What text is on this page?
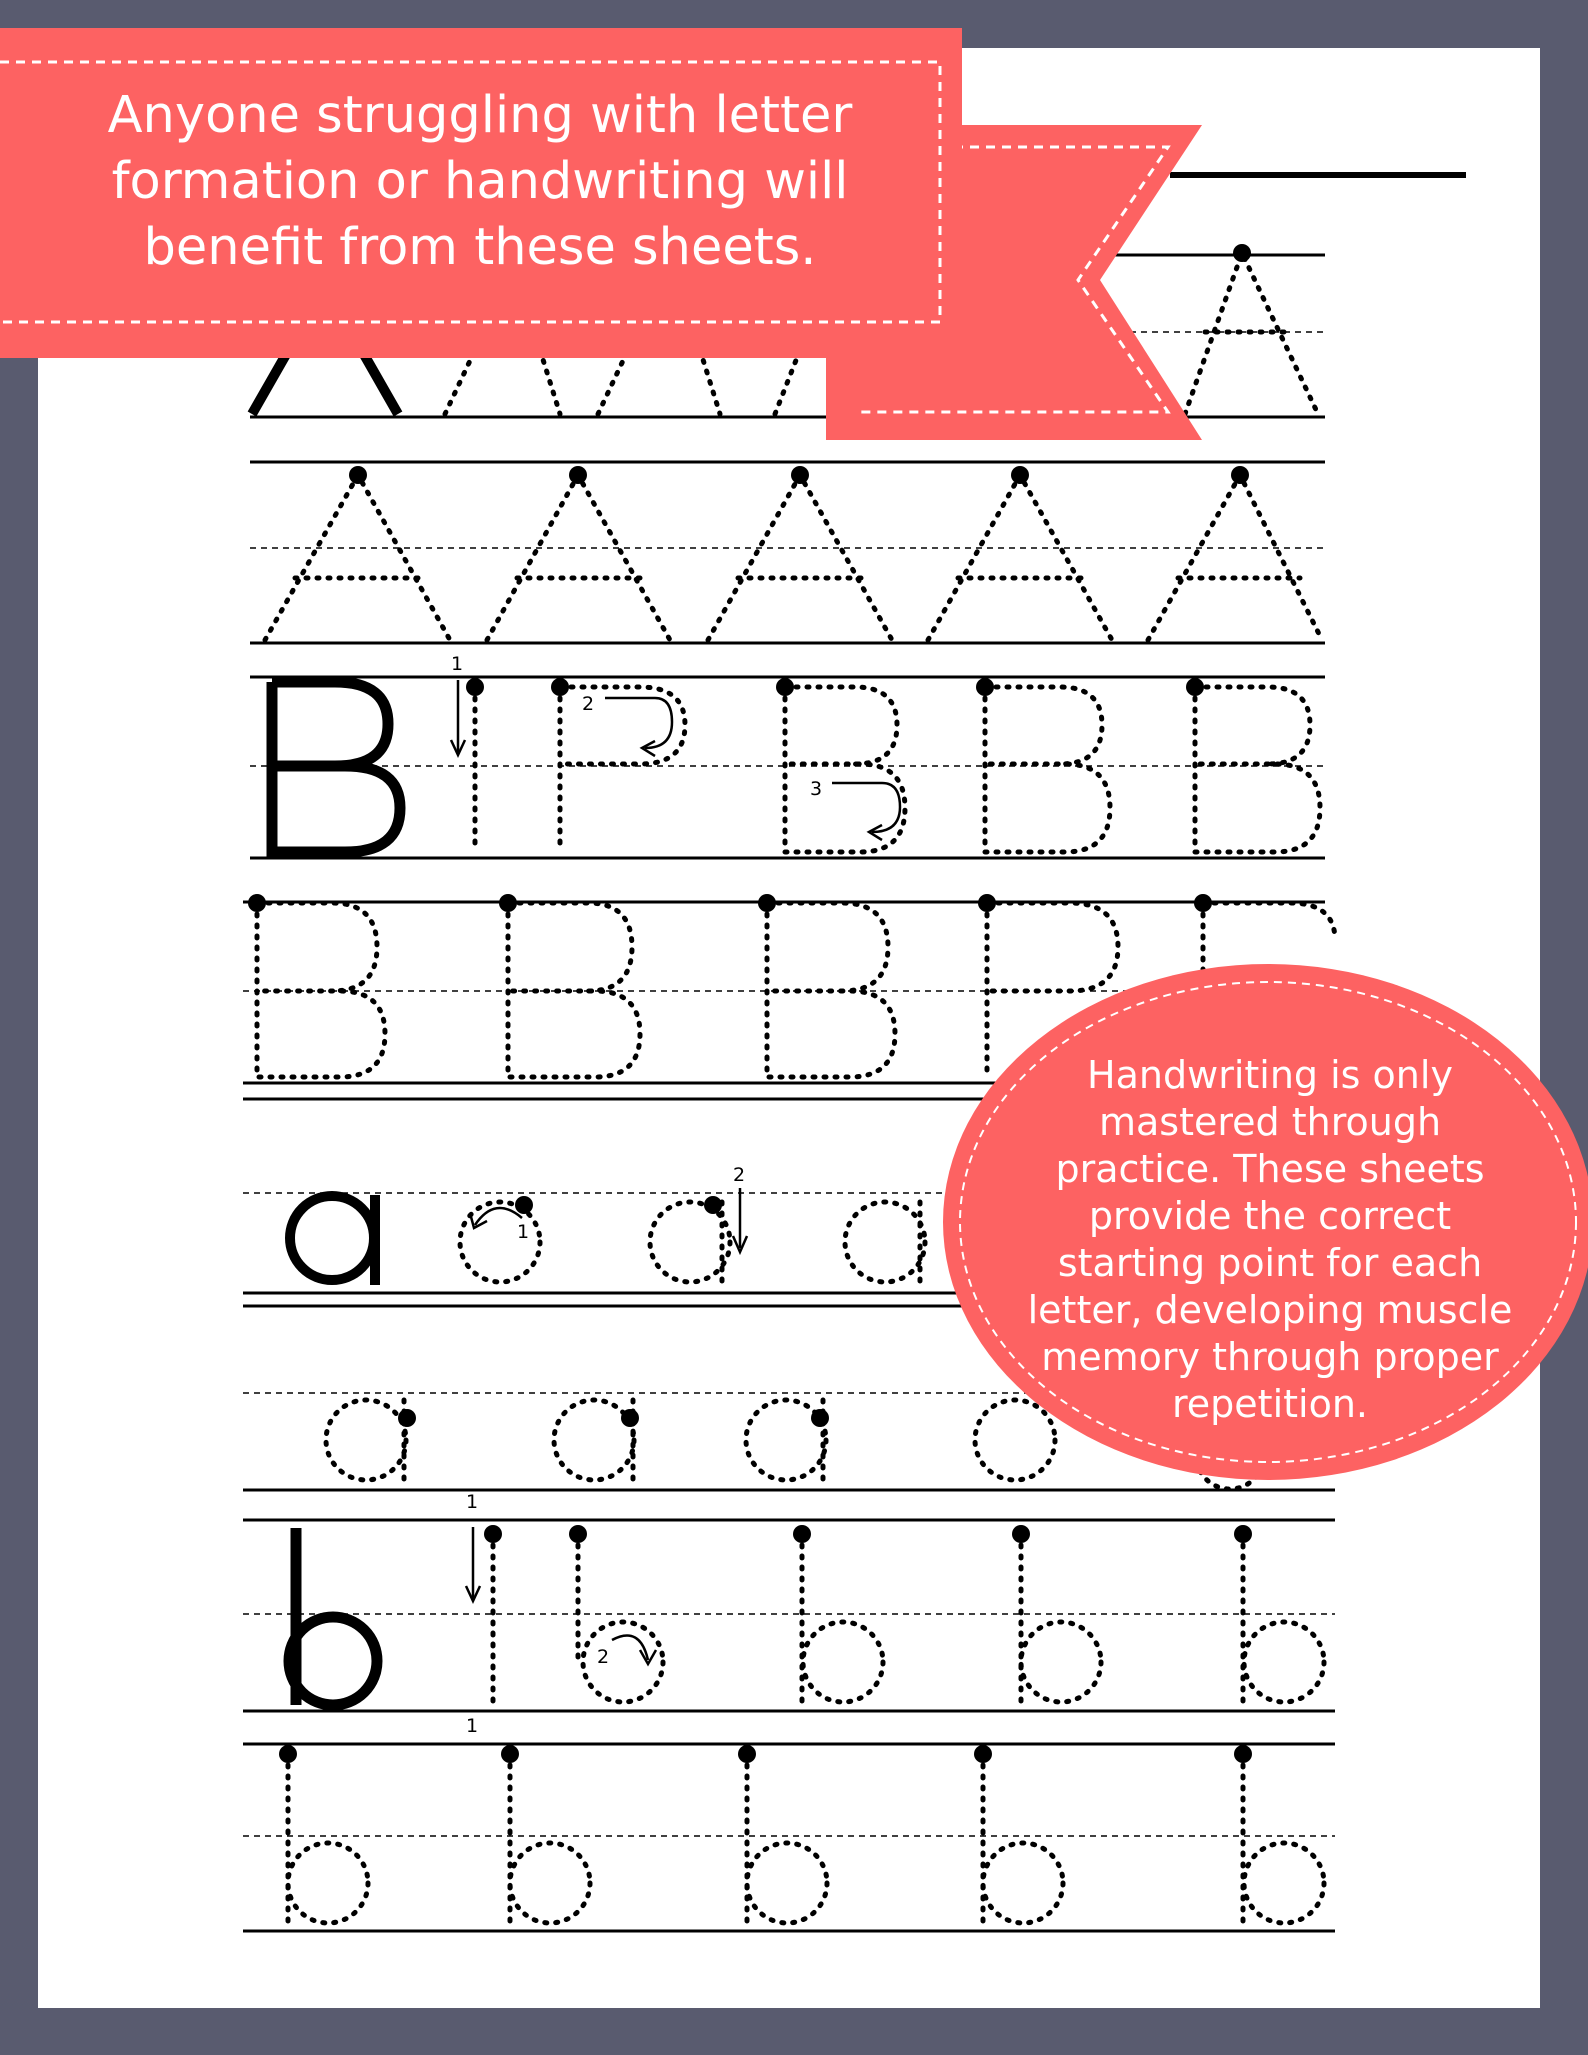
1
2
3
1
2
1
2
1
Anyone struggling with letter
formation or handwriting will
benefit from these sheets.
Handwriting is only
mastered through
practice. These sheets
provide the correct
starting point for each
letter, developing muscle
memory through proper
repetition.
